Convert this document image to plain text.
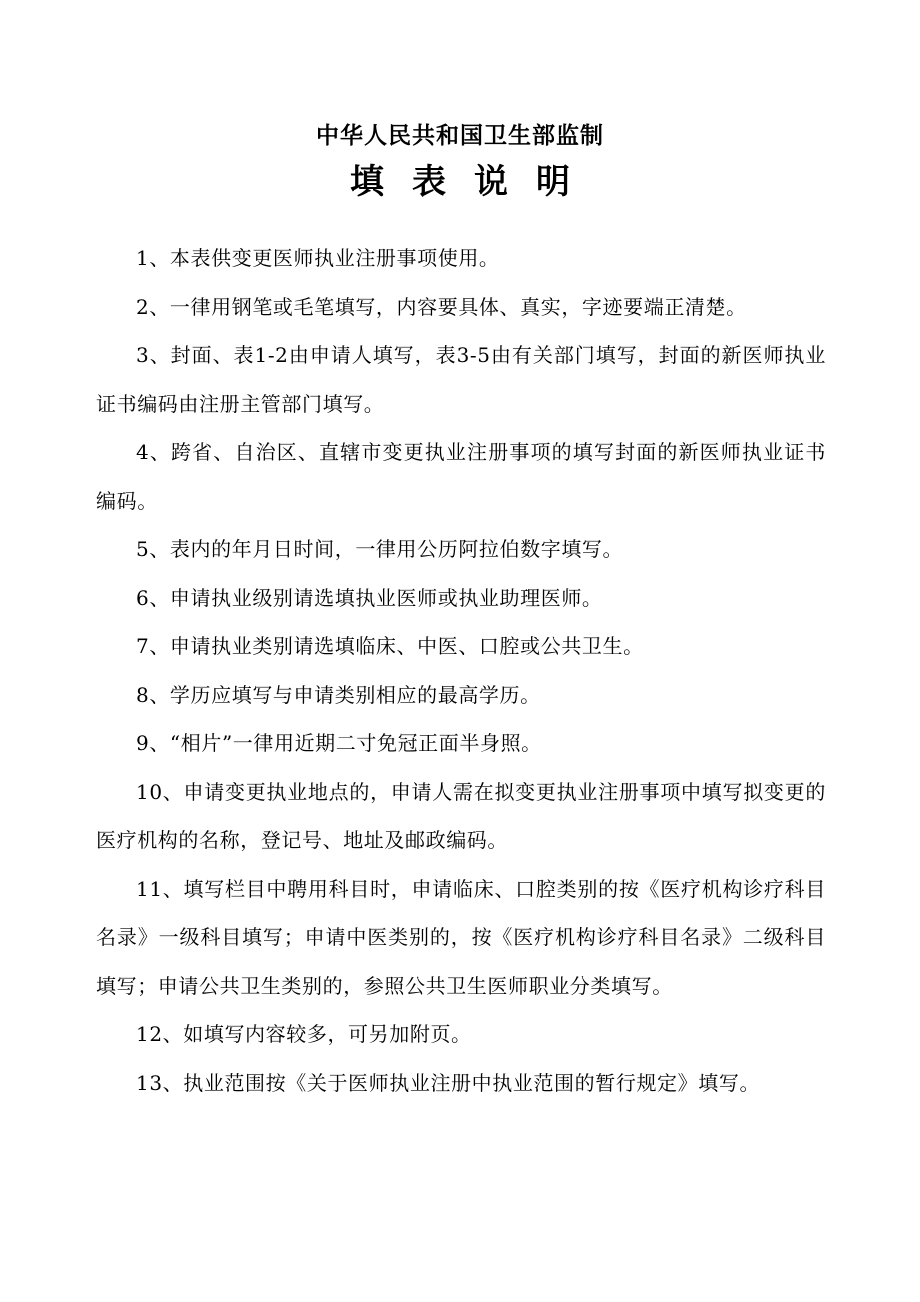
中华人民共和国卫生部监制
填表说明

1、本表供变更医师执业注册事项使用。

2、一律用钢笔或毛笔填写，内容要具体、真实，字迹要端正清楚。

3、封面、表1-2由申请人填写，表3-5由有关部门填写，封面的新医师执业证书编码由注册主管部门填写。

4、跨省、自治区、直辖市变更执业注册事项的填写封面的新医师执业证书编码。

5、表内的年月日时间，一律用公历阿拉伯数字填写。

6、申请执业级别请选填执业医师或执业助理医师。

7、申请执业类别请选填临床、中医、口腔或公共卫生。

8、学历应填写与申请类别相应的最高学历。

9、“相片”一律用近期二寸免冠正面半身照。

10、申请变更执业地点的，申请人需在拟变更执业注册事项中填写拟变更的医疗机构的名称，登记号、地址及邮政编码。

11、填写栏目中聘用科目时，申请临床、口腔类别的按《医疗机构诊疗科目名录》一级科目填写；申请中医类别的，按《医疗机构诊疗科目名录》二级科目填写；申请公共卫生类别的，参照公共卫生医师职业分类填写。

12、如填写内容较多，可另加附页。

13、执业范围按《关于医师执业注册中执业范围的暂行规定》填写。
